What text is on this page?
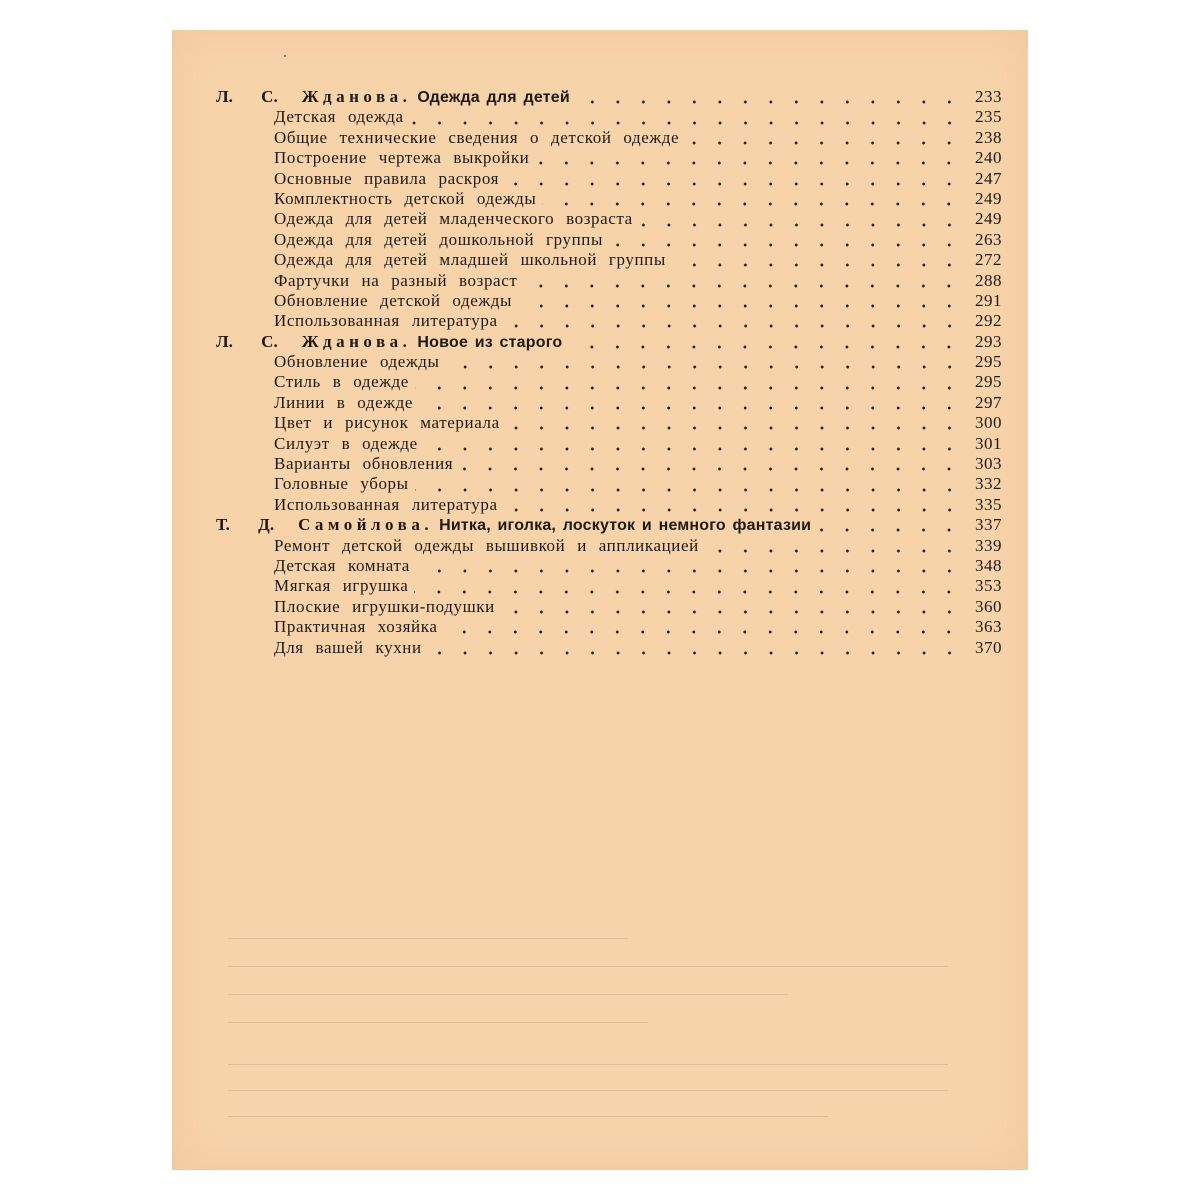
Л. С. Жданова. Одежда для детей	233
Детская одежда	235
Общие технические сведения о детской одежде	238
Построение чертежа выкройки	240
Основные правила раскроя	247
Комплектность детской одежды	249
Одежда для детей младенческого возраста	249
Одежда для детей дошкольной группы	263
Одежда для детей младшей школьной группы	272
Фартучки на разный возраст	288
Обновление детской одежды	291
Использованная литература	292
Л. С. Жданова. Новое из старого	293
Обновление одежды	295
Стиль в одежде	295
Линии в одежде	297
Цвет и рисунок материала	300
Силуэт в одежде	301
Варианты обновления	303
Головные уборы	332
Использованная литература	335
Т. Д. Самойлова. Нитка, иголка, лоскуток и немного фантазии	337
Ремонт детской одежды вышивкой и аппликацией	339
Детская комната	348
Мягкая игрушка	353
Плоские игрушки-подушки	360
Практичная хозяйка	363
Для вашей кухни	370
